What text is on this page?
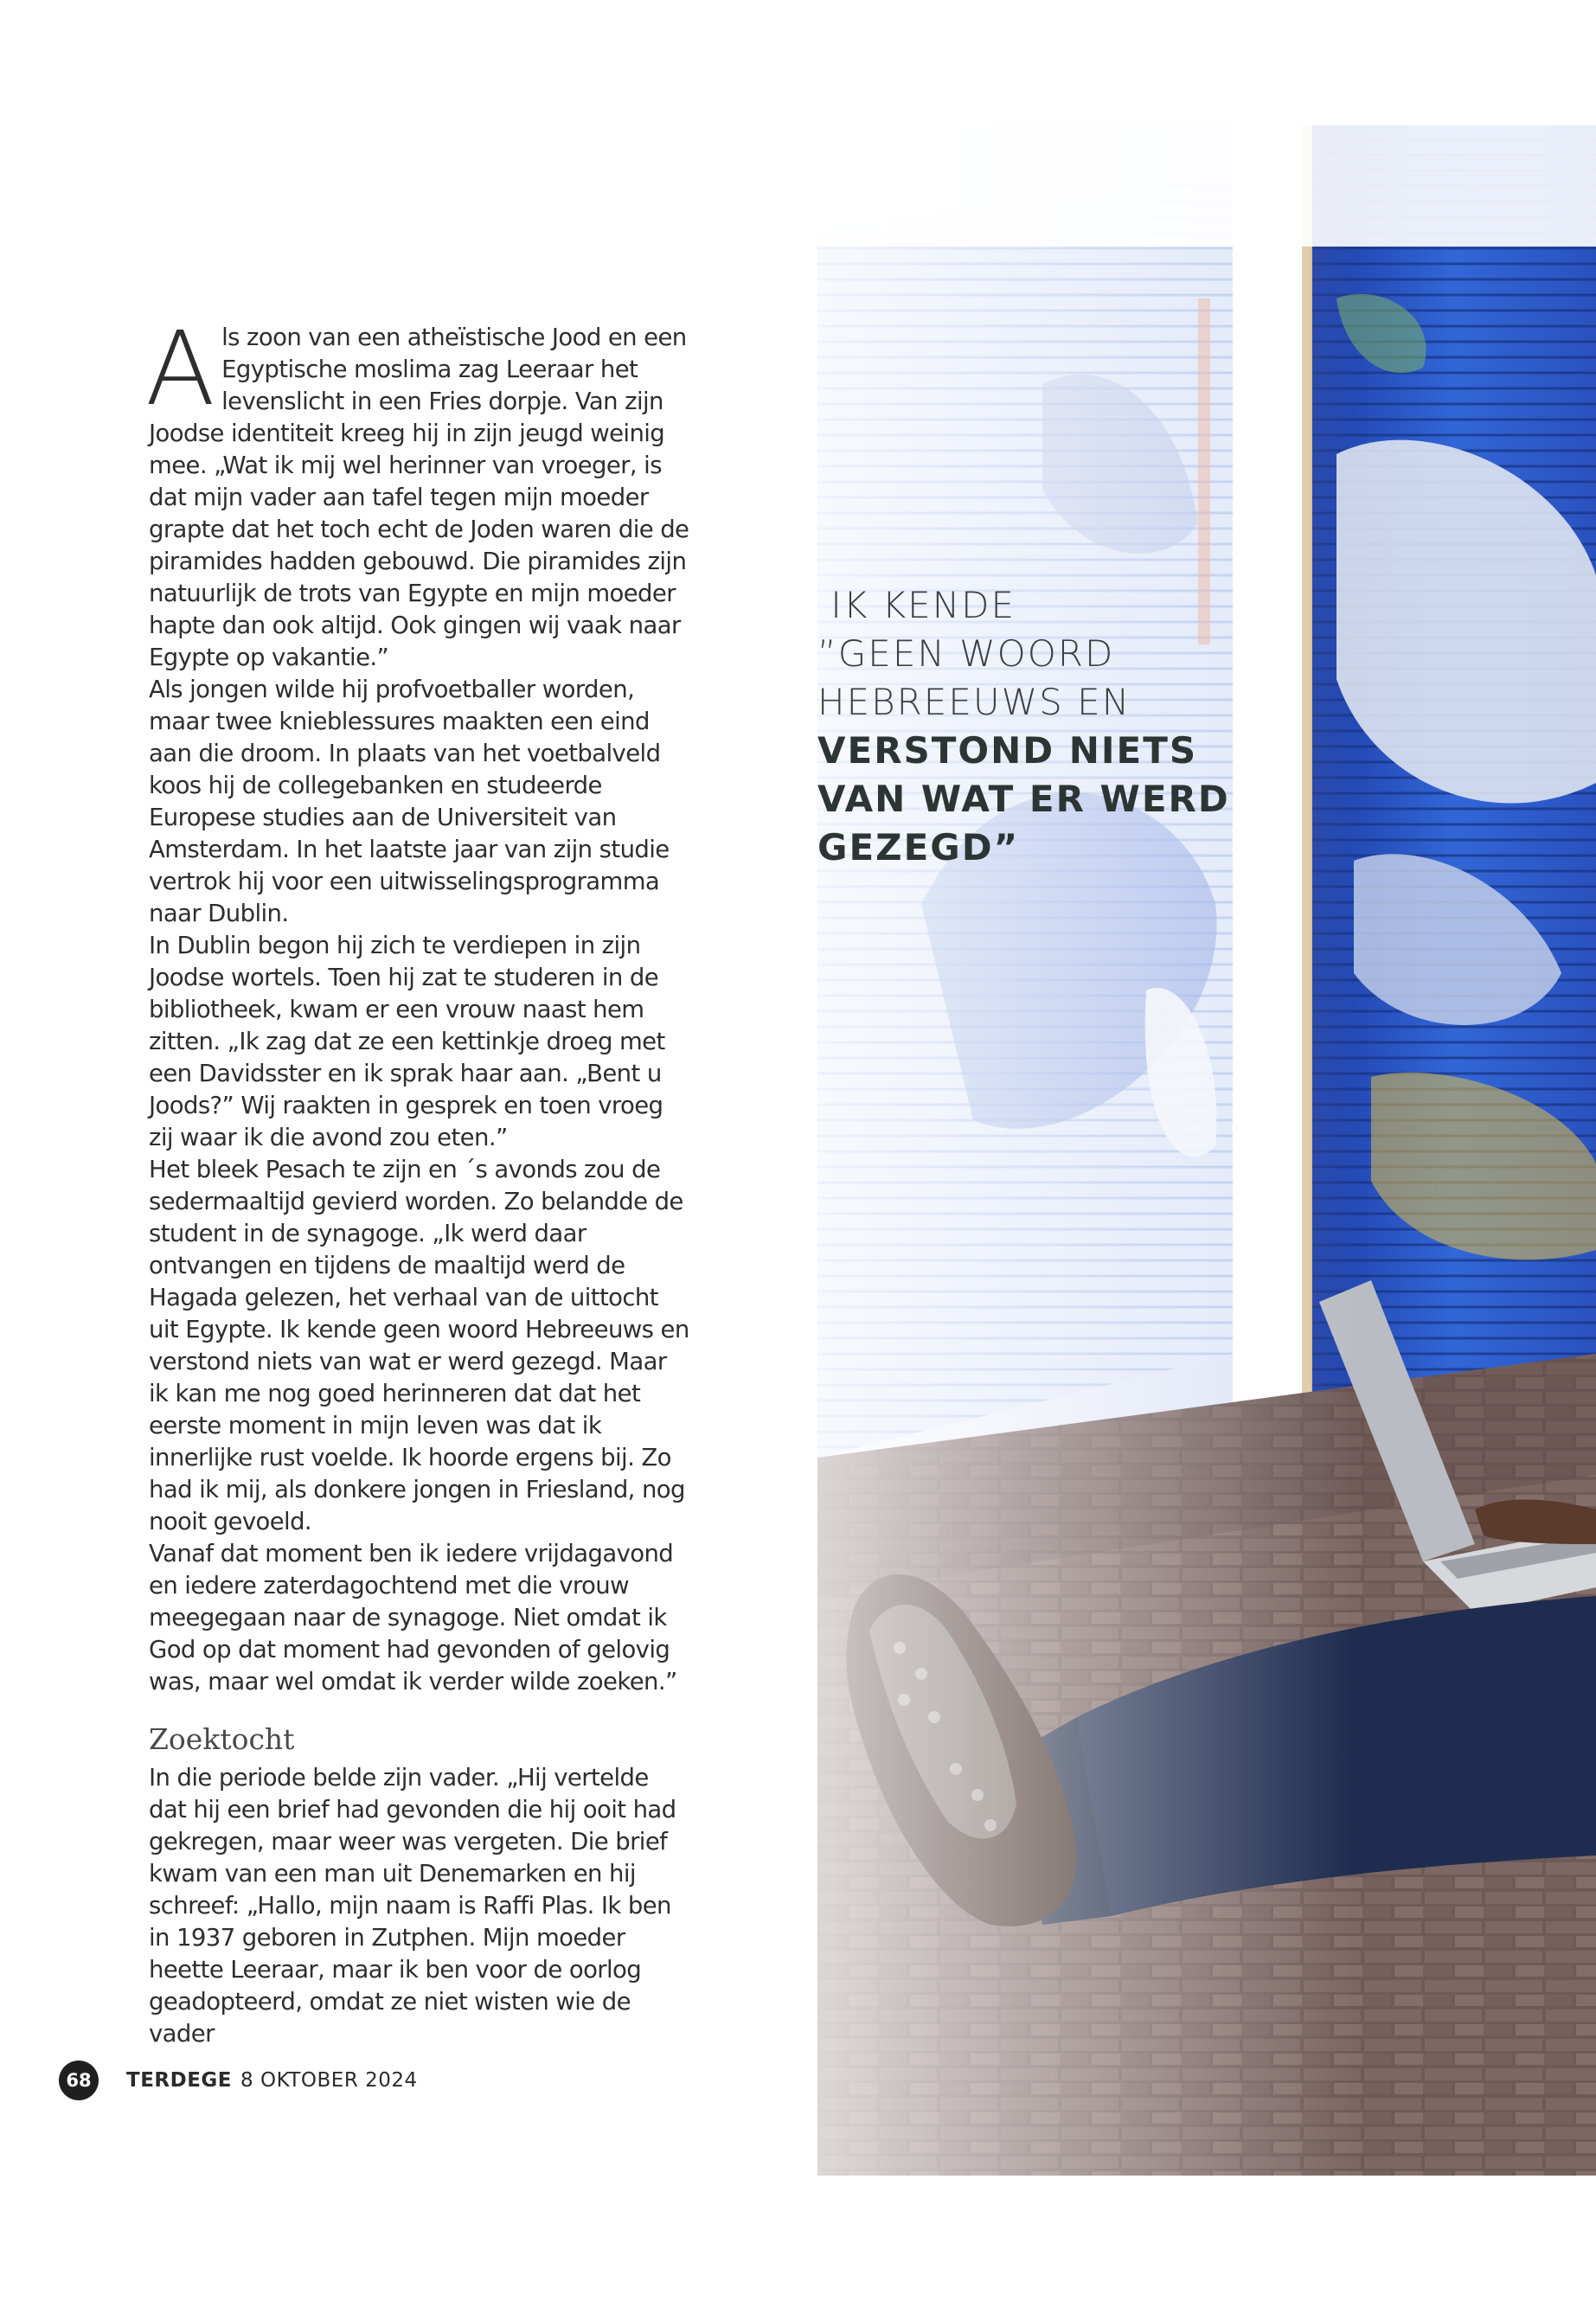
A ls zoon van een atheïstische Jood en een Egyptische moslima zag Leeraar het levenslicht in een Fries dorpje. Van zijn Joodse identiteit kreeg hij in zijn jeugd weinig mee. „Wat ik mij wel herinner van vroeger, is dat mijn vader aan tafel tegen mijn moeder grapte dat het toch echt de Joden waren die de piramides hadden gebouwd. Die piramides zijn natuurlijk de trots van Egypte en mijn moeder hapte dan ook altijd. Ook gingen wij vaak naar Egypte op vakantie.”

Als jongen wilde hij profvoetballer worden, maar twee knieblessures maakten een eind aan die droom. In plaats van het voetbalveld koos hij de collegebanken en studeerde Europese studies aan de Universiteit van Amsterdam. In het laatste jaar van zijn studie vertrok hij voor een uitwisselingsprogramma naar Dublin.

In Dublin begon hij zich te verdiepen in zijn Joodse wortels. Toen hij zat te studeren in de bibliotheek, kwam er een vrouw naast hem zitten. „Ik zag dat ze een kettinkje droeg met een Davidsster en ik sprak haar aan. „Bent u Joods?” Wij raakten in gesprek en toen vroeg zij waar ik die avond zou eten.”

Het bleek Pesach te zijn en ´s avonds zou de sedermaaltijd gevierd worden. Zo belandde de student in de synagoge. „Ik werd daar ontvangen en tijdens de maaltijd werd de Hagada gelezen, het verhaal van de uittocht uit Egypte. Ik kende geen woord Hebreeuws en verstond niets van wat er werd gezegd. Maar ik kan me nog goed herinneren dat dat het eerste moment in mijn leven was dat ik innerlijke rust voelde. Ik hoorde ergens bij. Zo had ik mij, als donkere jongen in Friesland, nog nooit gevoeld.

Vanaf dat moment ben ik iedere vrijdagavond en iedere zaterdagochtend met die vrouw meegegaan naar de synagoge. Niet omdat ik God op dat moment had gevonden of gelovig was, maar wel omdat ik verder wilde zoeken.”

Zoektocht

In die periode belde zijn vader. „Hij vertelde dat hij een brief had gevonden die hij ooit had gekregen, maar weer was vergeten. Die brief kwam van een man uit Denemarken en hij schreef: „Hallo, mijn naam is Raffi Plas. Ik ben in 1937 geboren in Zutphen. Mijn moeder heette Leeraar, maar ik ben voor de oorlog geadopteerd, omdat ze niet wisten wie de vader

IK KENDE
”GEEN WOORD
HEBREEUWS EN
VERSTOND NIETS
VAN WAT ER WERD
GEZEGD”
68	TERDEGE 8 OKTOBER 2024
